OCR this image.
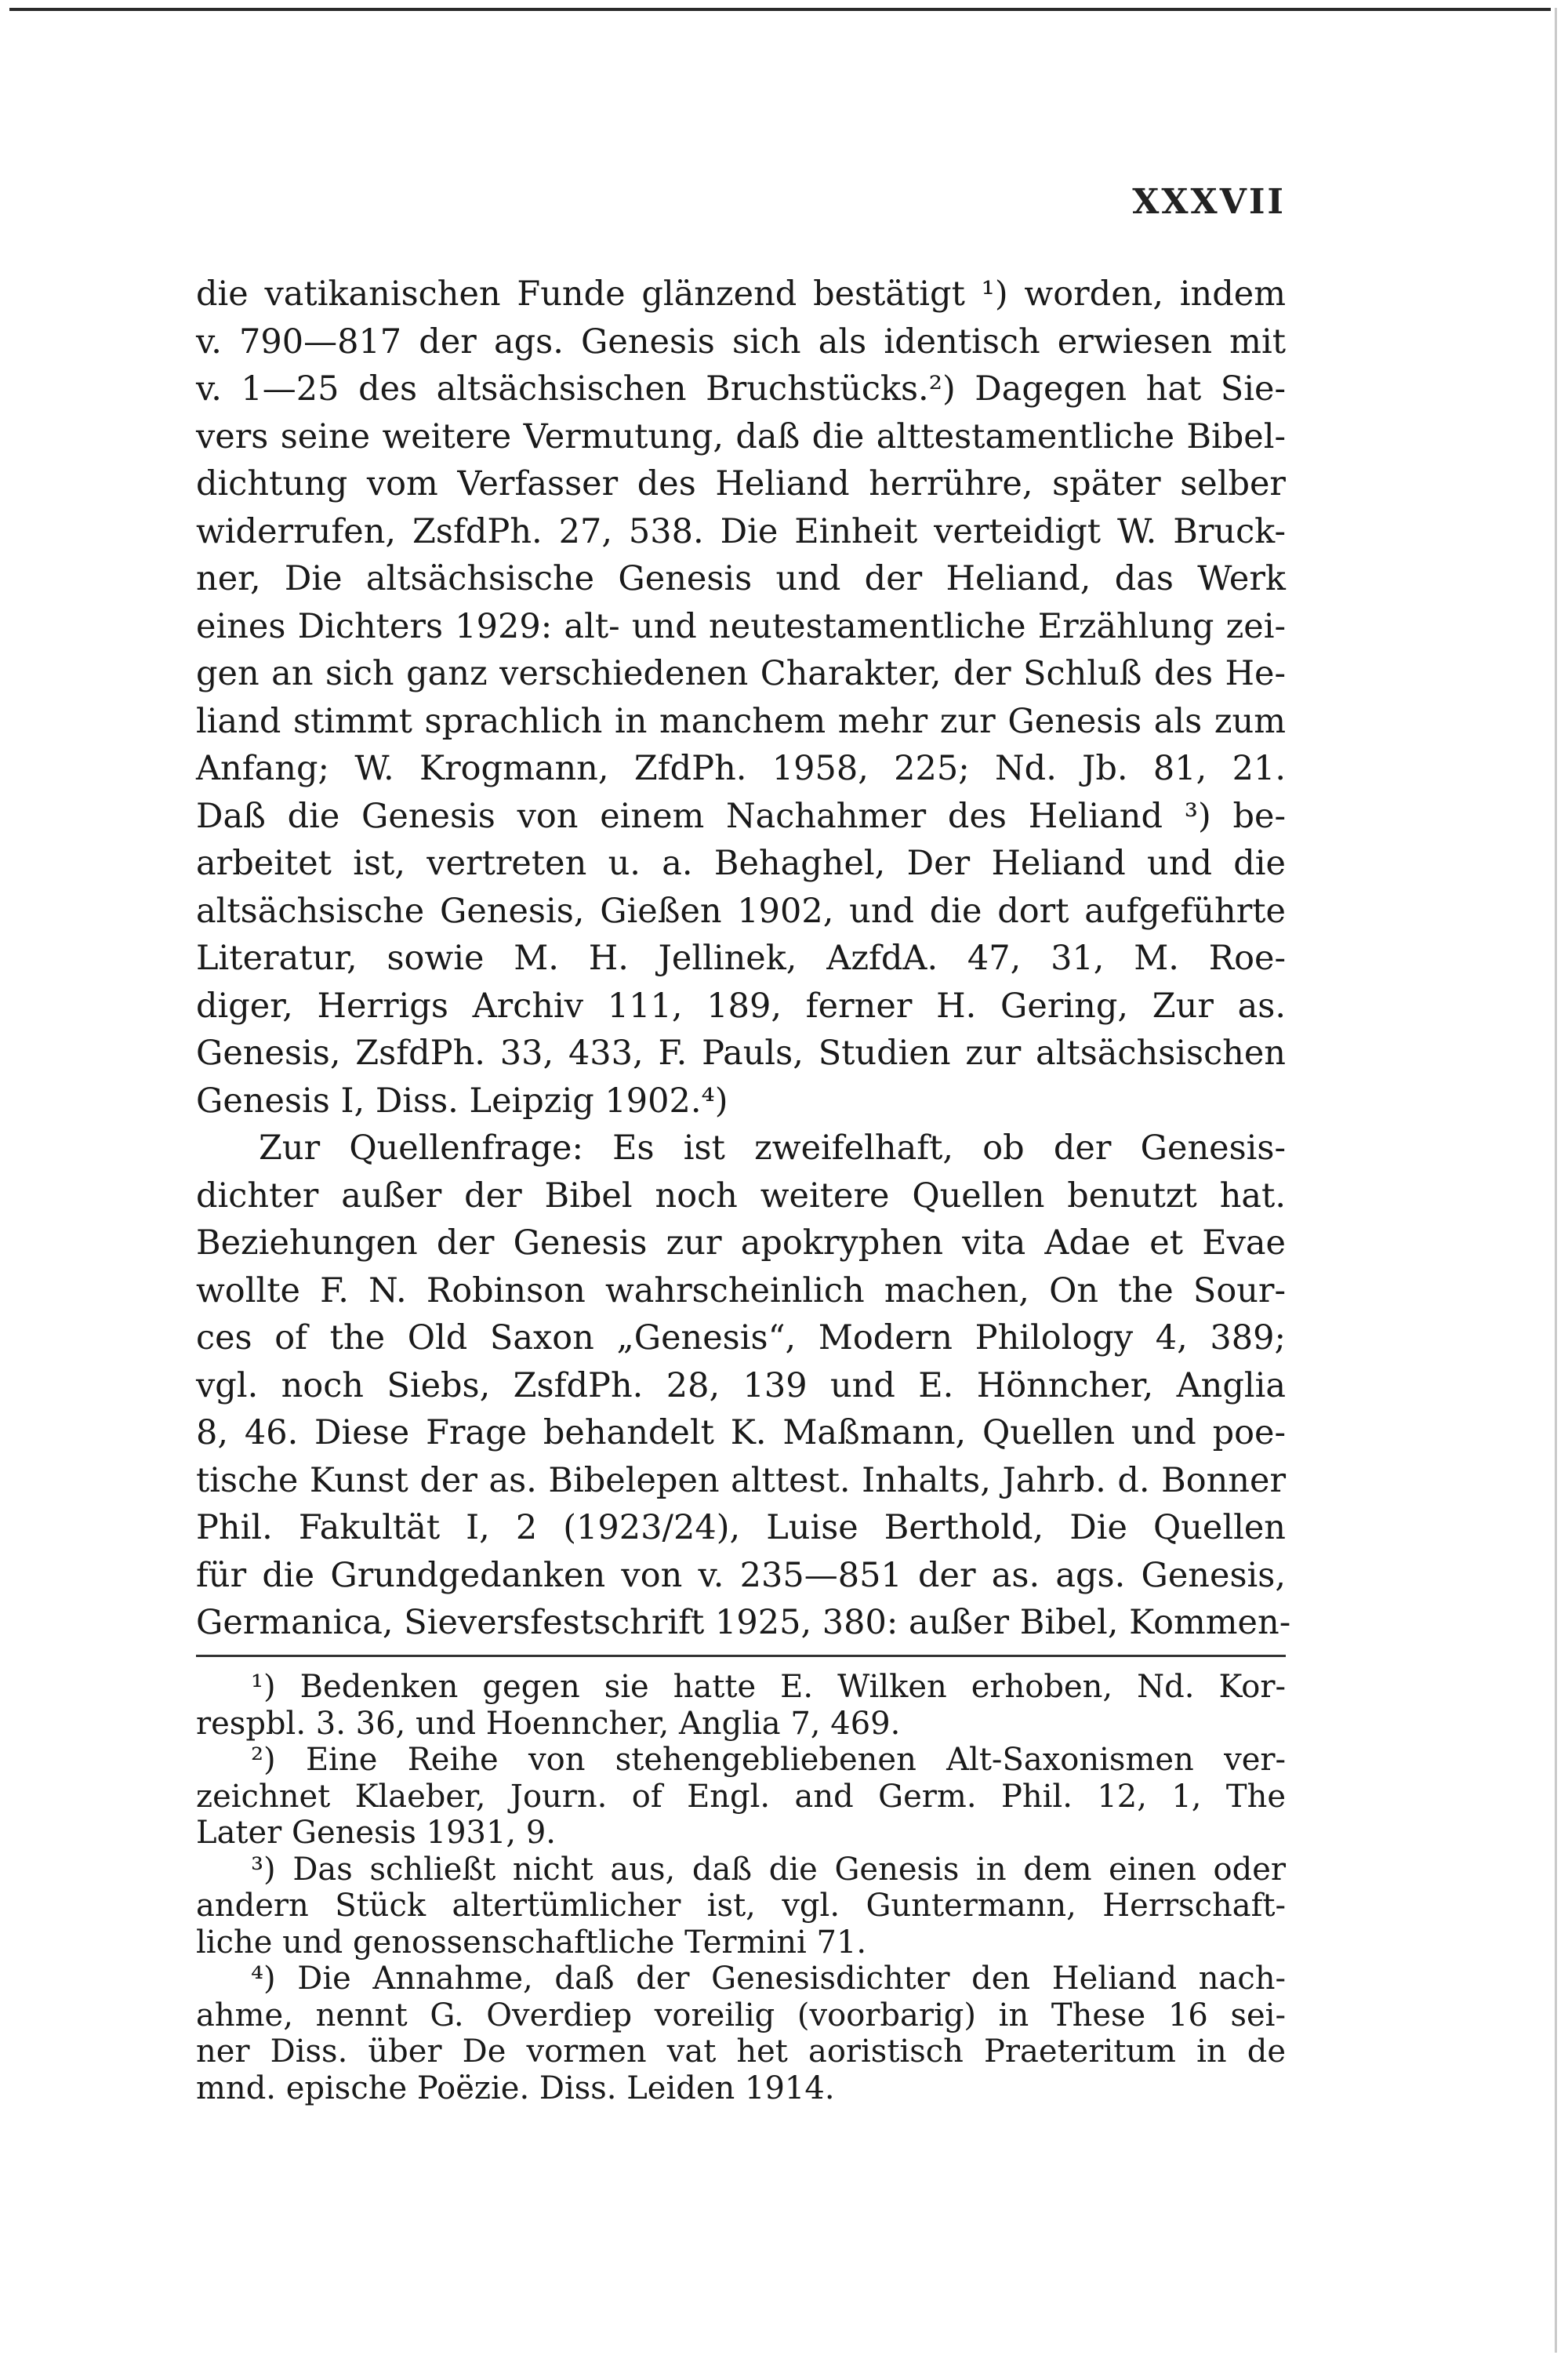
XXXVII
die vatikanischen Funde glänzend bestätigt ¹) worden, indem
v. 790—817 der ags. Genesis sich als identisch erwiesen mit
v. 1—25 des altsächsischen Bruchstücks.²) Dagegen hat Sie-
vers seine weitere Vermutung, daß die alttestamentliche Bibel-
dichtung vom Verfasser des Heliand herrühre, später selber
widerrufen, ZsfdPh. 27, 538. Die Einheit verteidigt W. Bruck-
ner, Die altsächsische Genesis und der Heliand, das Werk
eines Dichters 1929: alt- und neutestamentliche Erzählung zei-
gen an sich ganz verschiedenen Charakter, der Schluß des He-
liand stimmt sprachlich in manchem mehr zur Genesis als zum
Anfang; W. Krogmann, ZfdPh. 1958, 225; Nd. Jb. 81, 21.
Daß die Genesis von einem Nachahmer des Heliand ³) be-
arbeitet ist, vertreten u. a. Behaghel, Der Heliand und die
altsächsische Genesis, Gießen 1902, und die dort aufgeführte
Literatur, sowie M. H. Jellinek, AzfdA. 47, 31, M. Roe-
diger, Herrigs Archiv 111, 189, ferner H. Gering, Zur as.
Genesis, ZsfdPh. 33, 433, F. Pauls, Studien zur altsächsischen
Genesis I, Diss. Leipzig 1902.⁴)
Zur Quellenfrage: Es ist zweifelhaft, ob der Genesis-
dichter außer der Bibel noch weitere Quellen benutzt hat.
Beziehungen der Genesis zur apokryphen vita Adae et Evae
wollte F. N. Robinson wahrscheinlich machen, On the Sour-
ces of the Old Saxon „Genesis“, Modern Philology 4, 389;
vgl. noch Siebs, ZsfdPh. 28, 139 und E. Hönncher, Anglia
8, 46. Diese Frage behandelt K. Maßmann, Quellen und poe-
tische Kunst der as. Bibelepen alttest. Inhalts, Jahrb. d. Bonner
Phil. Fakultät I, 2 (1923/24), Luise Berthold, Die Quellen
für die Grundgedanken von v. 235—851 der as. ags. Genesis,
Germanica, Sieversfestschrift 1925, 380: außer Bibel, Kommen-
¹) Bedenken gegen sie hatte E. Wilken erhoben, Nd. Kor-
respbl. 3. 36, und Hoenncher, Anglia 7, 469.
²) Eine Reihe von stehengebliebenen Alt-Saxonismen ver-
zeichnet Klaeber, Journ. of Engl. and Germ. Phil. 12, 1, The
Later Genesis 1931, 9.
³) Das schließt nicht aus, daß die Genesis in dem einen oder
andern Stück altertümlicher ist, vgl. Guntermann, Herrschaft-
liche und genossenschaftliche Termini 71.
⁴) Die Annahme, daß der Genesisdichter den Heliand nach-
ahme, nennt G. Overdiep voreilig (voorbarig) in These 16 sei-
ner Diss. über De vormen vat het aoristisch Praeteritum in de
mnd. epische Poëzie. Diss. Leiden 1914.
